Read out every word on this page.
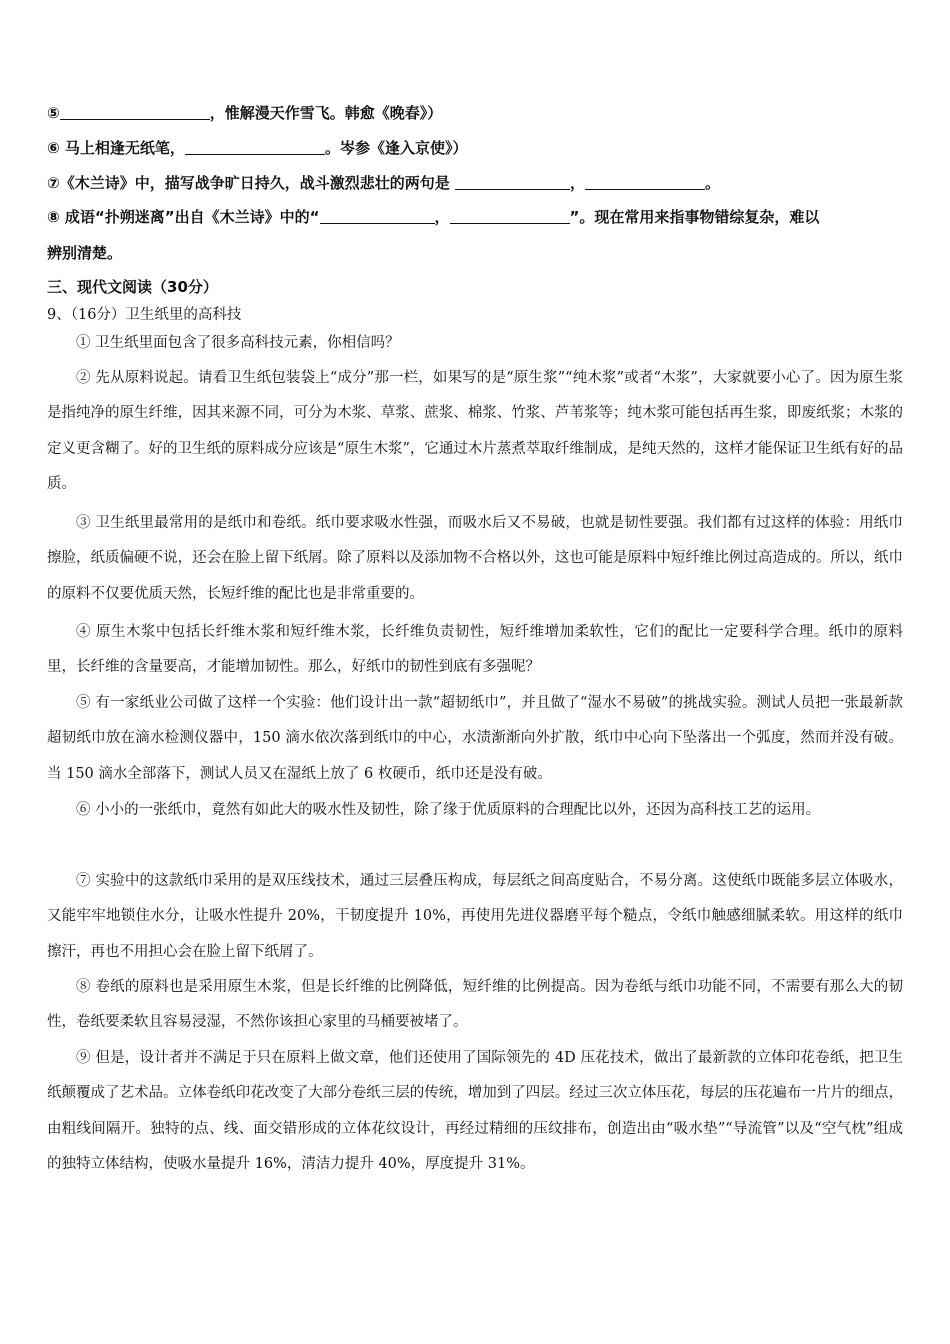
⑤	，惟解漫天作雪飞。韩愈《晚春》）
⑥ 马上相逢无纸笔，	。岑参《逢入京使》）
⑦《木兰诗》中，描写战争旷日持久，战斗激烈悲壮的两句是	，	。
⑧ 成语“扑朔迷离”出自《木兰诗》中的“	，	”。现在常用来指事物错综复杂，难以
辨别清楚。
三、现代文阅读（30分）
9、（16分）卫生纸里的高科技
① 卫生纸里面包含了很多高科技元素，你相信吗？
② 先从原料说起。请看卫生纸包装袋上“成分”那一栏，如果写的是“原生浆”“纯木浆”或者“木浆”，大家就要小心了。因为原生浆是指纯净的原生纤维，因其来源不同，可分为木浆、草浆、蔗浆、棉浆、竹浆、芦苇浆等；纯木浆可能包括再生浆，即废纸浆；木浆的定义更含糊了。好的卫生纸的原料成分应该是“原生木浆”，它通过木片蒸煮萃取纤维制成，是纯天然的，这样才能保证卫生纸有好的品质。
③ 卫生纸里最常用的是纸巾和卷纸。纸巾要求吸水性强，而吸水后又不易破，也就是韧性要强。我们都有过这样的体验：用纸巾擦脸，纸质偏硬不说，还会在脸上留下纸屑。除了原料以及添加物不合格以外，这也可能是原料中短纤维比例过高造成的。所以，纸巾的原料不仅要优质天然，长短纤维的配比也是非常重要的。
④ 原生木浆中包括长纤维木浆和短纤维木浆，长纤维负责韧性，短纤维增加柔软性，它们的配比一定要科学合理。纸巾的原料里，长纤维的含量要高，才能增加韧性。那么，好纸巾的韧性到底有多强呢？
⑤ 有一家纸业公司做了这样一个实验：他们设计出一款“超韧纸巾”，并且做了“湿水不易破”的挑战实验。测试人员把一张最新款超韧纸巾放在滴水检测仪器中，150 滴水依次落到纸巾的中心，水渍渐渐向外扩散，纸巾中心向下坠落出一个弧度，然而并没有破。当 150 滴水全部落下，测试人员又在湿纸上放了 6 枚硬币，纸巾还是没有破。
⑥ 小小的一张纸巾，竟然有如此大的吸水性及韧性，除了缘于优质原料的合理配比以外，还因为高科技工艺的运用。
⑦ 实验中的这款纸巾采用的是双压线技术，通过三层叠压构成，每层纸之间高度贴合，不易分离。这使纸巾既能多层立体吸水，又能牢牢地锁住水分，让吸水性提升 20%，干韧度提升 10%，再使用先进仪器磨平每个糙点，令纸巾触感细腻柔软。用这样的纸巾擦汗，再也不用担心会在脸上留下纸屑了。
⑧ 卷纸的原料也是采用原生木浆，但是长纤维的比例降低，短纤维的比例提高。因为卷纸与纸巾功能不同，不需要有那么大的韧性，卷纸要柔软且容易浸湿，不然你该担心家里的马桶要被堵了。
⑨ 但是，设计者并不满足于只在原料上做文章，他们还使用了国际领先的 4D 压花技术，做出了最新款的立体印花卷纸，把卫生纸颠覆成了艺术品。立体卷纸印花改变了大部分卷纸三层的传统，增加到了四层。经过三次立体压花，每层的压花遍布一片片的细点，由粗线间隔开。独特的点、线、面交错形成的立体花纹设计，再经过精细的压纹排布，创造出由“吸水垫”“导流管”以及“空气枕”组成的独特立体结构，使吸水量提升 16%，清洁力提升 40%，厚度提升 31%。
